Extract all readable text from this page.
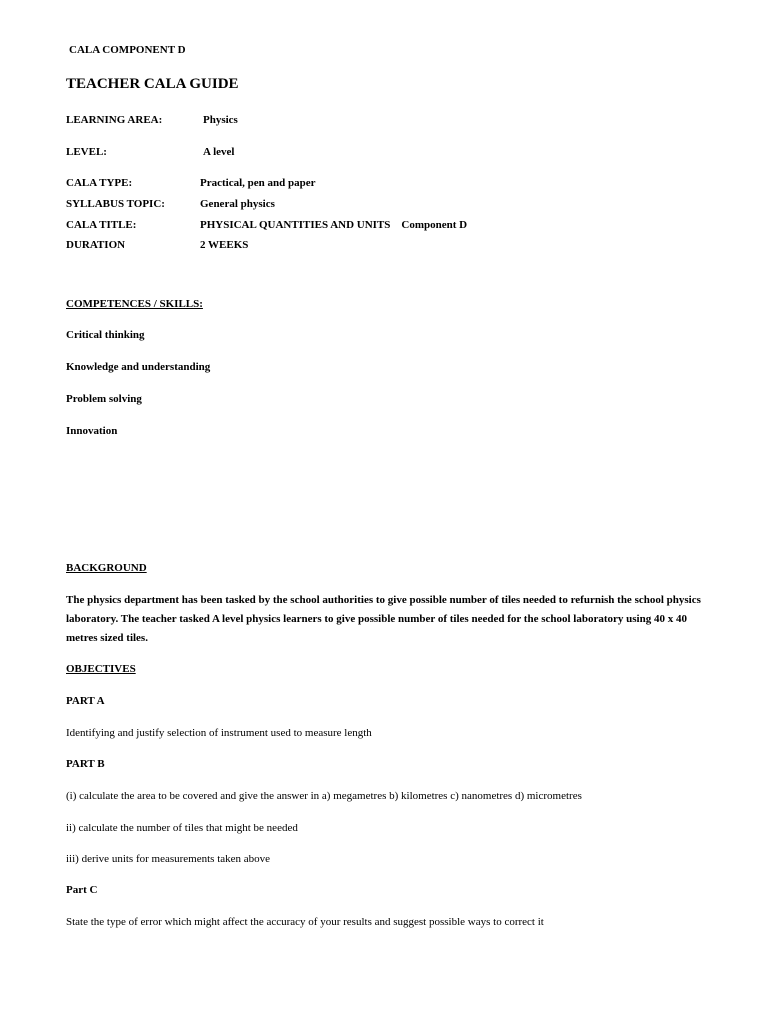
CALA COMPONENT D
TEACHER CALA GUIDE
LEARNING AREA:	Physics
LEVEL:	A level
CALA TYPE:	Practical, pen and paper
SYLLABUS TOPIC:	General physics
CALA TITLE:	PHYSICAL QUANTITIES AND UNITS    Component D
DURATION	2 WEEKS
COMPETENCES / SKILLS:
Critical thinking
Knowledge and understanding
Problem solving
Innovation
BACKGROUND
The physics department has been tasked by the school authorities to give possible number of tiles needed to refurnish the school physics laboratory. The teacher tasked A level physics learners to give possible number of tiles needed for the school laboratory using 40 x 40 metres sized tiles.
OBJECTIVES
PART A
Identifying and justify selection of instrument used to measure length
PART B
(i) calculate the area to be covered and give the answer in a) megametres b) kilometres c) nanometres d) micrometres
ii) calculate the number of tiles that might be needed
iii) derive units for measurements taken above
Part C
State the type of error which might affect the accuracy of your results and suggest possible ways to correct it
